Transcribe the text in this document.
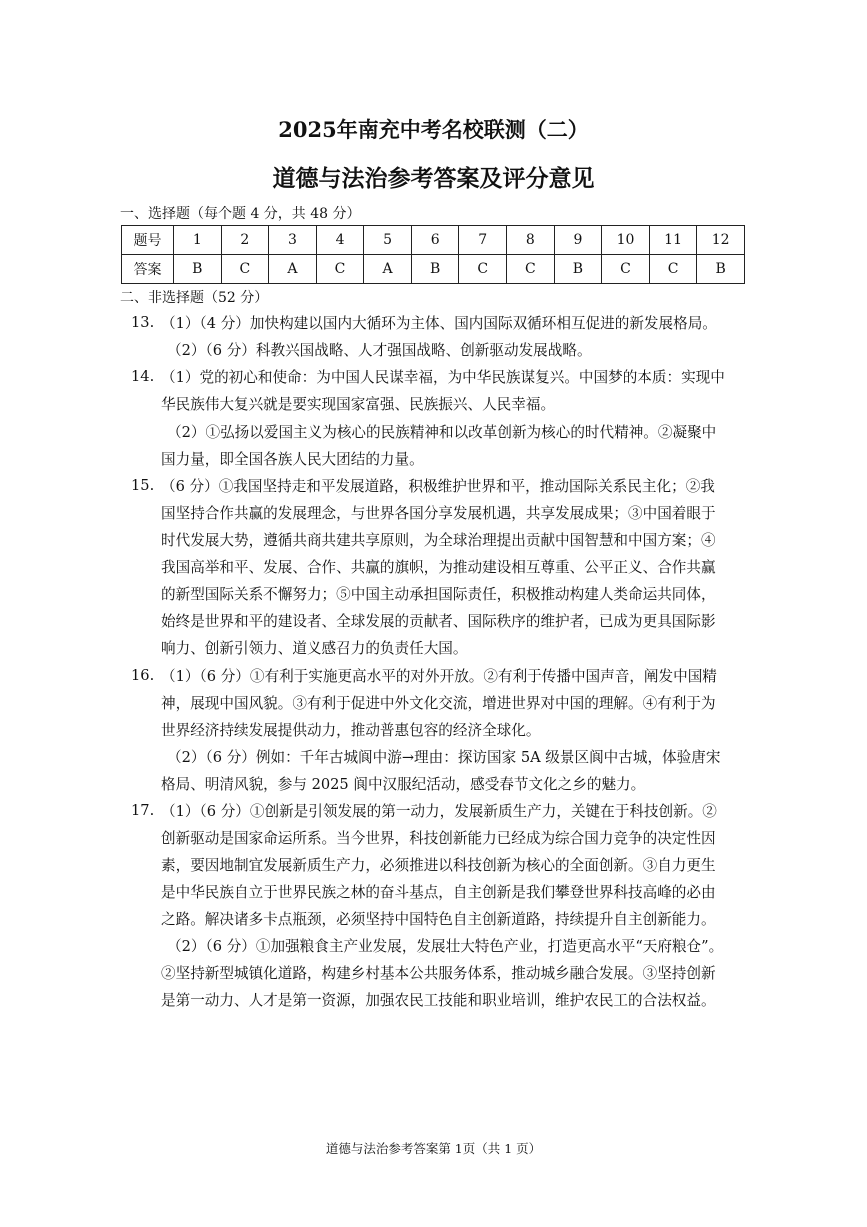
2025年南充中考名校联测（二）
道德与法治参考答案及评分意见
一、选择题（每个题 4 分，共 48 分）
题号	1	2	3	4	5	6	7	8	9	10	11	12
答案	B	C	A	C	A	B	C	C	B	C	C	B
二、非选择题（52 分）
13. （1）（4 分）加快构建以国内大循环为主体、国内国际双循环相互促进的新发展格局。
（2）（6 分）科教兴国战略、人才强国战略、创新驱动发展战略。
14. （1）党的初心和使命：为中国人民谋幸福，为中华民族谋复兴。中国梦的本质：实现中
华民族伟大复兴就是要实现国家富强、民族振兴、人民幸福。
（2）①弘扬以爱国主义为核心的民族精神和以改革创新为核心的时代精神。②凝聚中
国力量，即全国各族人民大团结的力量。
15. （6 分）①我国坚持走和平发展道路，积极维护世界和平，推动国际关系民主化；②我
国坚持合作共赢的发展理念，与世界各国分享发展机遇，共享发展成果；③中国着眼于
时代发展大势，遵循共商共建共享原则，为全球治理提出贡献中国智慧和中国方案；④
我国高举和平、发展、合作、共赢的旗帜，为推动建设相互尊重、公平正义、合作共赢
的新型国际关系不懈努力；⑤中国主动承担国际责任，积极推动构建人类命运共同体，
始终是世界和平的建设者、全球发展的贡献者、国际秩序的维护者，已成为更具国际影
响力、创新引领力、道义感召力的负责任大国。
16. （1）（6 分）①有利于实施更高水平的对外开放。②有利于传播中国声音，阐发中国精
神，展现中国风貌。③有利于促进中外文化交流，增进世界对中国的理解。④有利于为
世界经济持续发展提供动力，推动普惠包容的经济全球化。
（2）（6 分）例如：千年古城阆中游→理由：探访国家 5A 级景区阆中古城，体验唐宋
格局、明清风貌，参与 2025 阆中汉服纪活动，感受春节文化之乡的魅力。
17. （1）（6 分）①创新是引领发展的第一动力，发展新质生产力，关键在于科技创新。②
创新驱动是国家命运所系。当今世界，科技创新能力已经成为综合国力竞争的决定性因
素，要因地制宜发展新质生产力，必须推进以科技创新为核心的全面创新。③自力更生
是中华民族自立于世界民族之林的奋斗基点，自主创新是我们攀登世界科技高峰的必由
之路。解决诸多卡点瓶颈，必须坚持中国特色自主创新道路，持续提升自主创新能力。
（2）（6 分）①加强粮食主产业发展，发展壮大特色产业，打造更高水平“天府粮仓”。
②坚持新型城镇化道路，构建乡村基本公共服务体系，推动城乡融合发展。③坚持创新
是第一动力、人才是第一资源，加强农民工技能和职业培训，维护农民工的合法权益。
道德与法治参考答案第 1页（共 1 页）
